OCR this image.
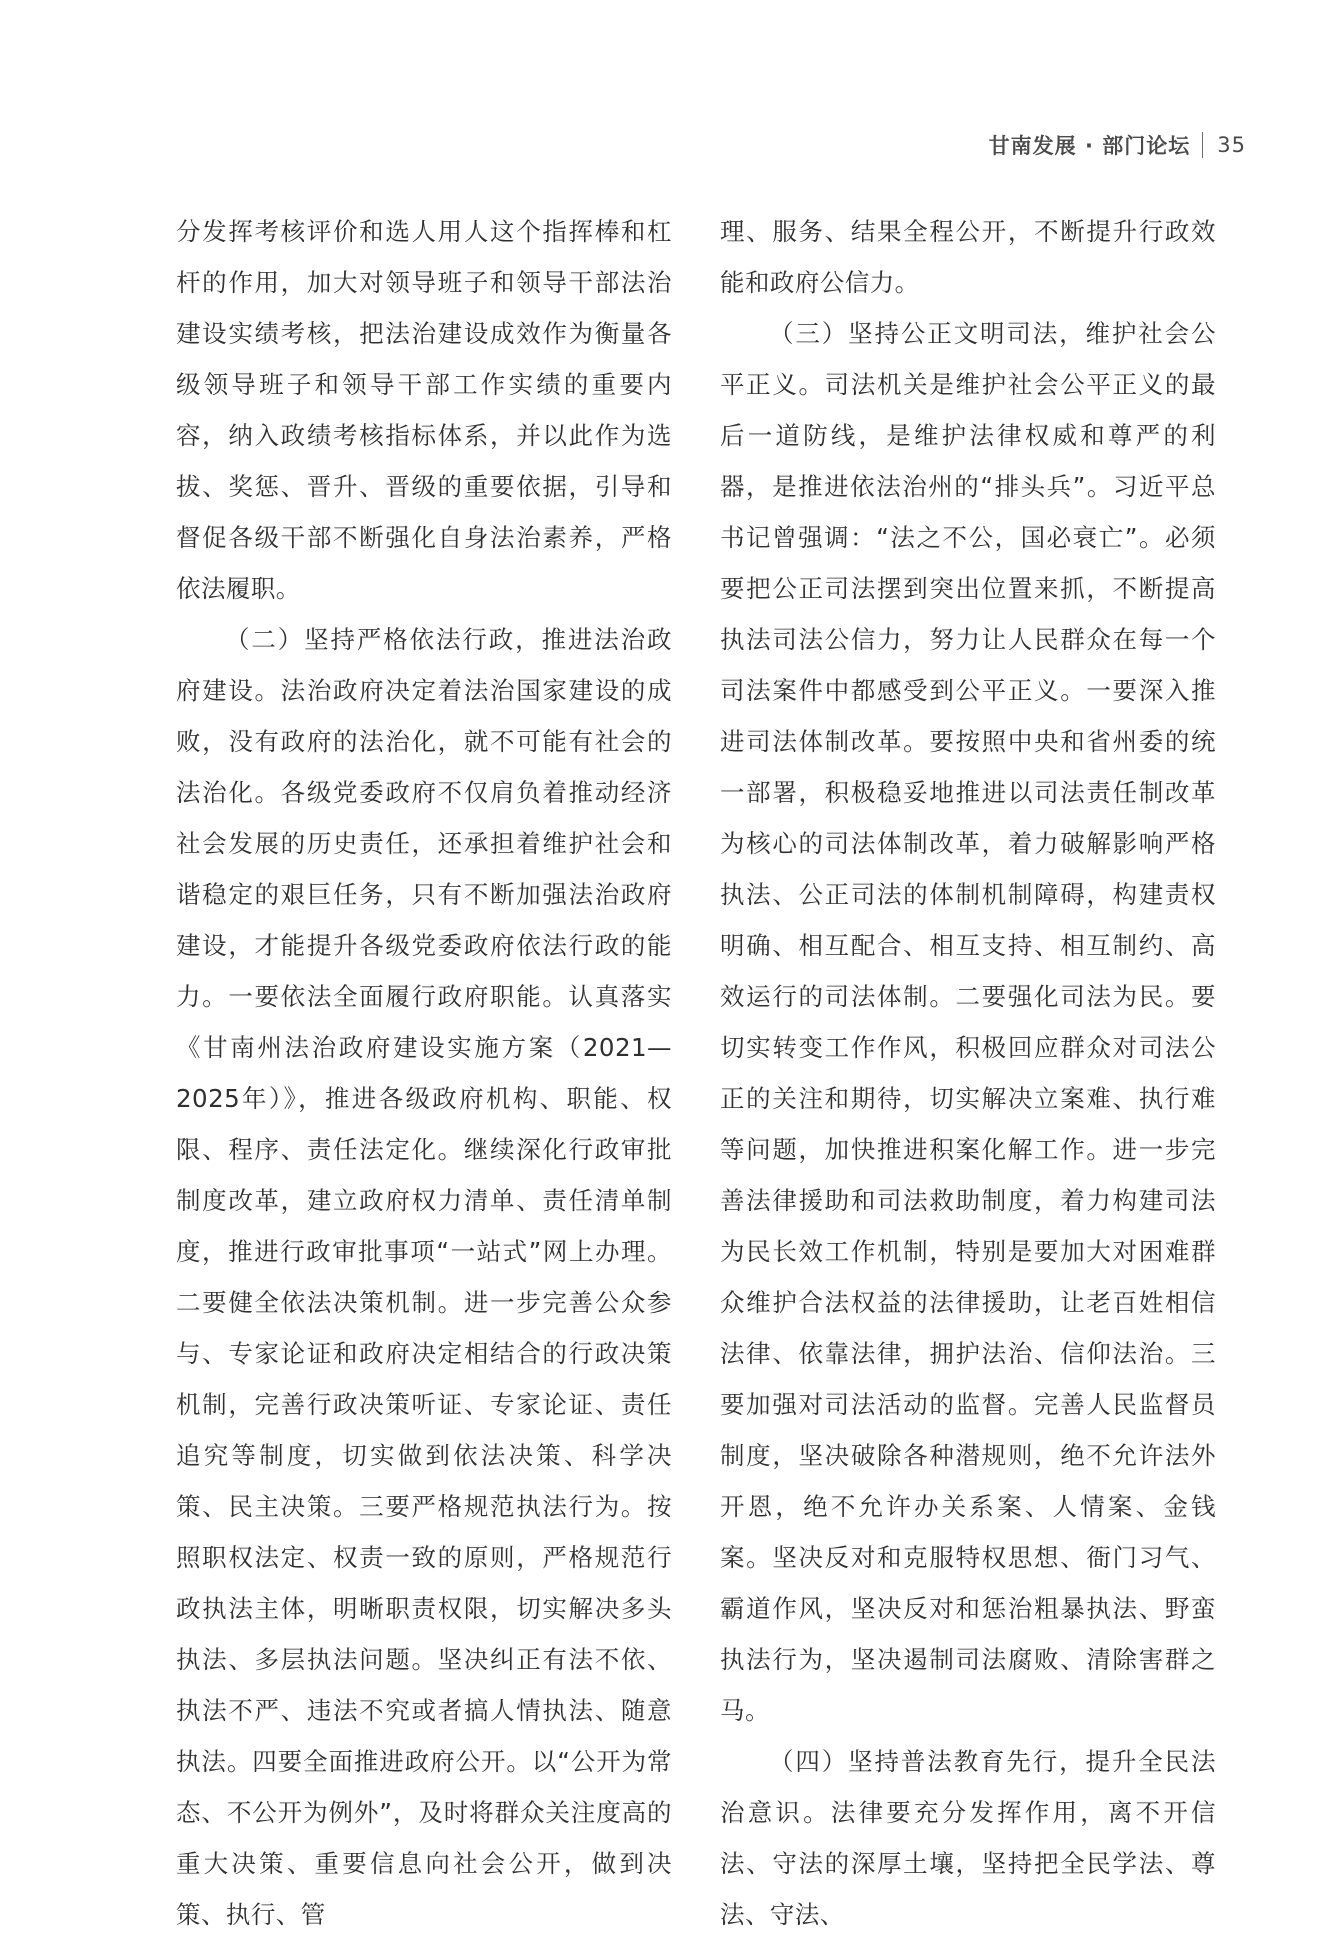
甘南发展 · 部门论坛 35

分发挥考核评价和选人用人这个指挥棒和杠杆的作用，加大对领导班子和领导干部法治建设实绩考核，把法治建设成效作为衡量各级领导班子和领导干部工作实绩的重要内容，纳入政绩考核指标体系，并以此作为选拔、奖惩、晋升、晋级的重要依据，引导和督促各级干部不断强化自身法治素养，严格依法履职。

（二）坚持严格依法行政，推进法治政府建设。法治政府决定着法治国家建设的成败，没有政府的法治化，就不可能有社会的法治化。各级党委政府不仅肩负着推动经济社会发展的历史责任，还承担着维护社会和谐稳定的艰巨任务，只有不断加强法治政府建设，才能提升各级党委政府依法行政的能力。一要依法全面履行政府职能。认真落实《甘南州法治政府建设实施方案（2021—2025年）》，推进各级政府机构、职能、权限、程序、责任法定化。继续深化行政审批制度改革，建立政府权力清单、责任清单制度，推进行政审批事项“一站式”网上办理。二要健全依法决策机制。进一步完善公众参与、专家论证和政府决定相结合的行政决策机制，完善行政决策听证、专家论证、责任追究等制度，切实做到依法决策、科学决策、民主决策。三要严格规范执法行为。按照职权法定、权责一致的原则，严格规范行政执法主体，明晰职责权限，切实解决多头执法、多层执法问题。坚决纠正有法不依、执法不严、违法不究或者搞人情执法、随意执法。四要全面推进政府公开。以“公开为常态、不公开为例外”，及时将群众关注度高的重大决策、重要信息向社会公开，做到决策、执行、管

理、服务、结果全程公开，不断提升行政效能和政府公信力。

（三）坚持公正文明司法，维护社会公平正义。司法机关是维护社会公平正义的最后一道防线，是维护法律权威和尊严的利器，是推进依法治州的“排头兵”。习近平总书记曾强调：“法之不公，国必衰亡”。必须要把公正司法摆到突出位置来抓，不断提高执法司法公信力，努力让人民群众在每一个司法案件中都感受到公平正义。一要深入推进司法体制改革。要按照中央和省州委的统一部署，积极稳妥地推进以司法责任制改革为核心的司法体制改革，着力破解影响严格执法、公正司法的体制机制障碍，构建责权明确、相互配合、相互支持、相互制约、高效运行的司法体制。二要强化司法为民。要切实转变工作作风，积极回应群众对司法公正的关注和期待，切实解决立案难、执行难等问题，加快推进积案化解工作。进一步完善法律援助和司法救助制度，着力构建司法为民长效工作机制，特别是要加大对困难群众维护合法权益的法律援助，让老百姓相信法律、依靠法律，拥护法治、信仰法治。三要加强对司法活动的监督。完善人民监督员制度，坚决破除各种潜规则，绝不允许法外开恩，绝不允许办关系案、人情案、金钱案。坚决反对和克服特权思想、衙门习气、霸道作风，坚决反对和惩治粗暴执法、野蛮执法行为，坚决遏制司法腐败、清除害群之马。

（四）坚持普法教育先行，提升全民法治意识。法律要充分发挥作用，离不开信法、守法的深厚土壤，坚持把全民学法、尊法、守法、
